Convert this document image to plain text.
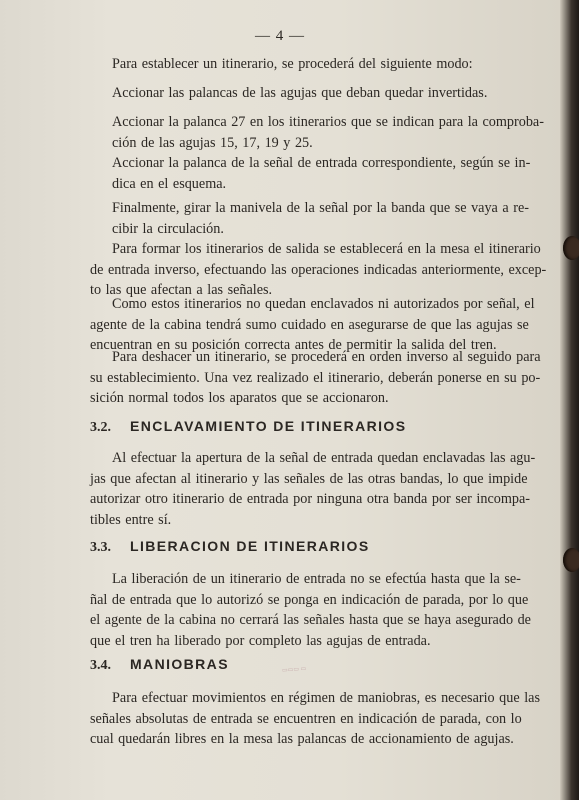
— 4 —

Para establecer un itinerario, se procederá del siguiente modo:

Accionar las palancas de las agujas que deban quedar invertidas.

Accionar la palanca 27 en los itinerarios que se indican para la comproba-
ción de las agujas 15, 17, 19 y 25.

Accionar la palanca de la señal de entrada correspondiente, según se in-
dica en el esquema.

Finalmente, girar la manivela de la señal por la banda que se vaya a re-
cibir la circulación.

Para formar los itinerarios de salida se establecerá en la mesa el itinerario
de entrada inverso, efectuando las operaciones indicadas anteriormente, excep-
to las que afectan a las señales.

Como estos itinerarios no quedan enclavados ni autorizados por señal, el
agente de la cabina tendrá sumo cuidado en asegurarse de que las agujas se
encuentran en su posición correcta antes de permitir la salida del tren.

Para deshacer un itinerario, se procederá en orden inverso al seguido para
su establecimiento. Una vez realizado el itinerario, deberán ponerse en su po-
sición normal todos los aparatos que se accionaron.

3.2. ENCLAVAMIENTO DE ITINERARIOS

Al efectuar la apertura de la señal de entrada quedan enclavadas las agu-
jas que afectan al itinerario y las señales de las otras bandas, lo que impide
autorizar otro itinerario de entrada por ninguna otra banda por ser incompa-
tibles entre sí.

3.3. LIBERACION DE ITINERARIOS

La liberación de un itinerario de entrada no se efectúa hasta que la se-
ñal de entrada que lo autorizó se ponga en indicación de parada, por lo que
el agente de la cabina no cerrará las señales hasta que se haya asegurado de
que el tren ha liberado por completo las agujas de entrada.

3.4. MANIOBRAS

Para efectuar movimientos en régimen de maniobras, es necesario que las
señales absolutas de entrada se encuentren en indicación de parada, con lo
cual quedarán libres en la mesa las palancas de accionamiento de agujas.

▭▭▭ ▭
